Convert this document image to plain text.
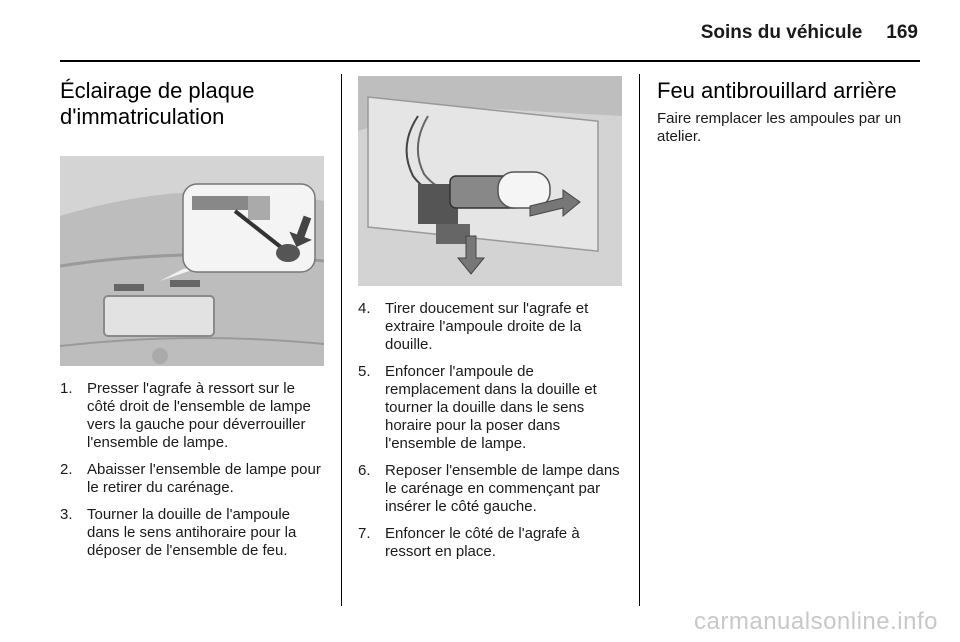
Soins du véhicule 169
Éclairage de plaque d'immatriculation
1. Presser l'agrafe à ressort sur le côté droit de l'ensemble de lampe vers la gauche pour déverrouiller l'ensemble de lampe.
2. Abaisser l'ensemble de lampe pour le retirer du carénage.
3. Tourner la douille de l'ampoule dans le sens antihoraire pour la déposer de l'ensemble de feu.
4. Tirer doucement sur l'agrafe et extraire l'ampoule droite de la douille.
5. Enfoncer l'ampoule de remplacement dans la douille et tourner la douille dans le sens horaire pour la poser dans l'ensemble de lampe.
6. Reposer l'ensemble de lampe dans le carénage en commençant par insérer le côté gauche.
7. Enfoncer le côté de l'agrafe à ressort en place.
Feu antibrouillard arrière

Faire remplacer les ampoules par un atelier.

carmanualsonline.info
